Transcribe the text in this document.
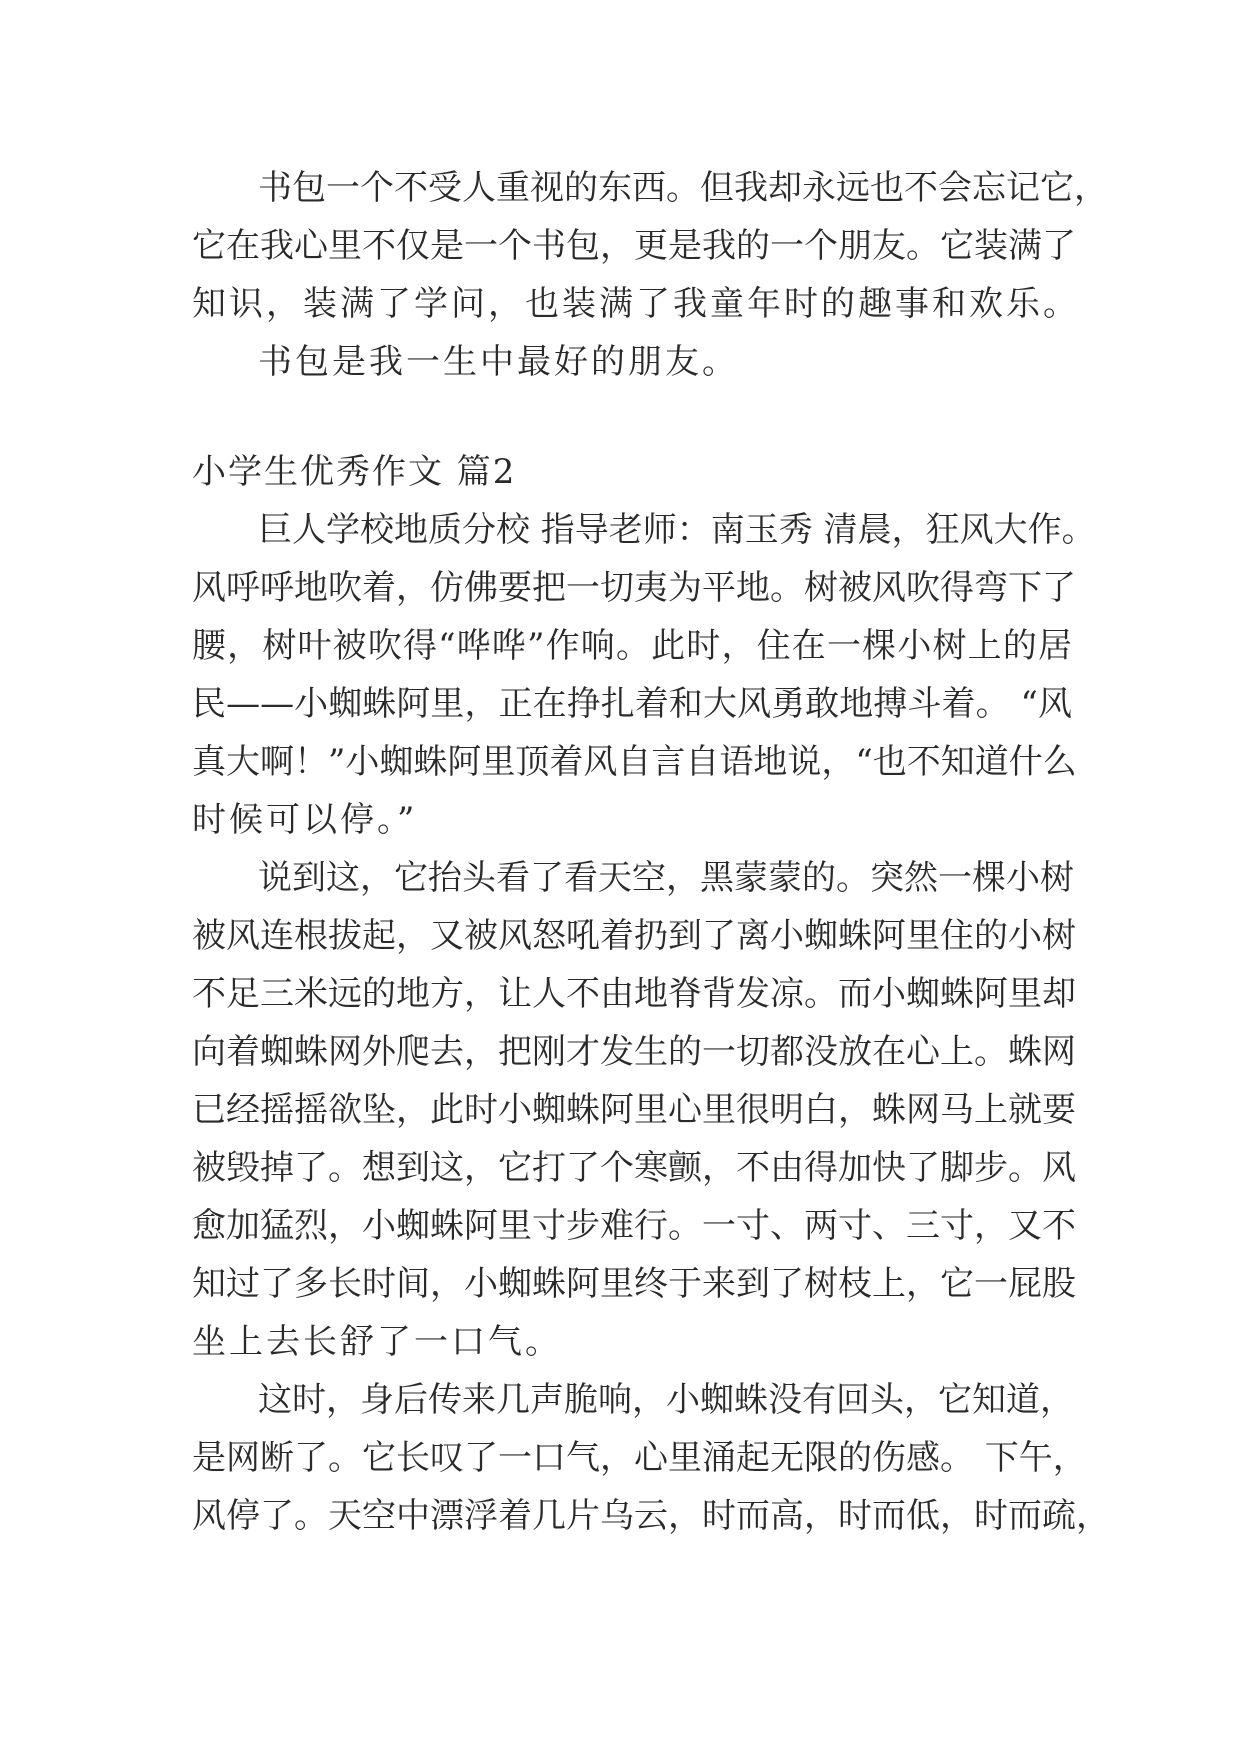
书包一个不受人重视的东西。但我却永远也不会忘记它，
它在我心里不仅是一个书包，更是我的一个朋友。它装满了
知识，装满了学问，也装满了我童年时的趣事和欢乐。
书包是我一生中最好的朋友。
小学生优秀作文 篇2
巨人学校地质分校 指导老师：南玉秀 清晨，狂风大作。
风呼呼地吹着，仿佛要把一切夷为平地。树被风吹得弯下了
腰，树叶被吹得“哗哗”作响。此时，住在一棵小树上的居
民——小蜘蛛阿里，正在挣扎着和大风勇敢地搏斗着。 “风
真大啊！”小蜘蛛阿里顶着风自言自语地说，“也不知道什么
时候可以停。”
说到这，它抬头看了看天空，黑蒙蒙的。突然一棵小树
被风连根拔起，又被风怒吼着扔到了离小蜘蛛阿里住的小树
不足三米远的地方，让人不由地脊背发凉。而小蜘蛛阿里却
向着蜘蛛网外爬去，把刚才发生的一切都没放在心上。蛛网
已经摇摇欲坠，此时小蜘蛛阿里心里很明白，蛛网马上就要
被毁掉了。想到这，它打了个寒颤，不由得加快了脚步。风
愈加猛烈，小蜘蛛阿里寸步难行。一寸、两寸、三寸，又不
知过了多长时间，小蜘蛛阿里终于来到了树枝上，它一屁股
坐上去长舒了一口气。
这时，身后传来几声脆响，小蜘蛛没有回头，它知道，
是网断了。它长叹了一口气，心里涌起无限的伤感。 下午，
风停了。天空中漂浮着几片乌云，时而高，时而低，时而疏，
